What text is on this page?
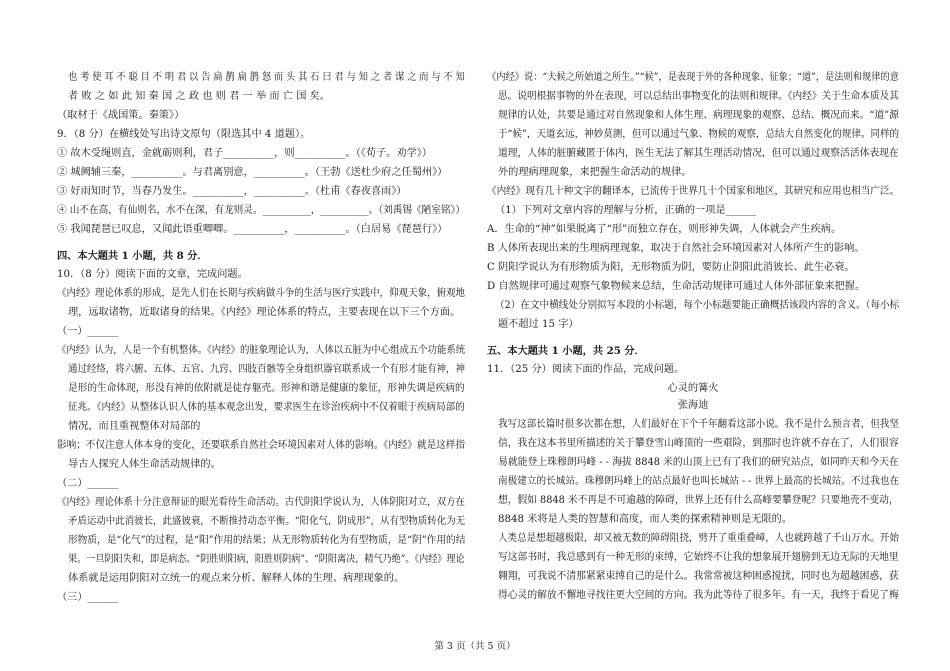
也 考 使 耳 不 聪 目 不 明 君 以 告 扁 鹊 扁 鹊 怒 而 头 其 石 曰 君 与 知 之 者 谋 之 而 与 不 知
者 败 之 如 此 知 秦 国 之 政 也 则 君 一 举 而 亡 国 矣。
（取材于《战国策。秦策》）
9．（8 分）在横线处写出诗文原句（限选其中 4 道题）。
① 故木受绳则直，金就砺则利，君子__________，则__________。（《荀子。劝学》）
② 城阙辅三秦，__________。与君离别意，__________。（王勃《送杜少府之任蜀州》）
③ 好雨知时节，当春乃发生。__________，__________。（杜甫《春夜喜雨》）
④ 山不在高，有仙则名，水不在深，有龙则灵。__________，__________。（刘禹锡《陋室铭》）
⑤ 我闻琵琶已叹息，又闻此语重唧唧。__________，__________。（白居易《琵琶行》）
四、本大题共 1 小题，共 8 分．
10．（8 分）阅读下面的文章，完成问题。
《内经》理论体系的形成，是先人们在长期与疾病做斗争的生活与医疗实践中，仰观天象，俯观地
理，远取诸物，近取诸身的结果。《内经》理论体系的特点，主要表现在以下三个方面。
（一）______
《内经》认为，人是一个有机整体。《内经》的脏象理论认为，人体以五脏为中心组成五个功能系统
通过经络，将六腑、五体、五官、九窍、四肢百骸等全身组织器官联系成一个有形才能有神，神
是形的生命体现，形没有神的依附就是徒存躯壳。形神和谐是健康的象征，形神失调是疾病的
征兆。《内经》从整体认识人体的基本观念出发，要求医生在诊治疾病中不仅着眼于疾病局部的
情况，而且重视整体对局部的
影响；不仅注意人体本身的变化，还要联系自然社会环境因素对人体的影响。《内经》就是这样指
导古人探究人体生命活动规律的。
（二）______
《内经》理论体系十分注意辩证的眼光看待生命活动。古代阴阳学说认为，人体阴阳对立，双方在
矛盾运动中此消彼长，此盛彼衰，不断推持动态平衡。“阳化气，阴成形”，从有型物质转化为无
形物质，是“化气”的过程，是“阳”作用的结果；从无形物质转化为有型物质，是“阴”作用的结
果。一旦阴阳失和，即是病态。“阴胜则阳病，阳胜则阴病”、“阴阳离决，精气乃绝”。《内经》理论
体系就是运用阴阳对立统一的观点来分析、解释人体的生理、病理现象的。
（三）______
《内经》说：“夫候之所始道之所生。”“候”，是表现于外的各种现象、征象；“道”，是法则和规律的意
思。说明根据事物的外在表现，可以总结出事物变化的法则和规律。《内经》关于生命本质及其
规律的认处，共要是通过对自然现象和人体生理、病理现象的观察、总结、概况而来。“道”源
于“候”，天道玄远，神妙莫测，但可以通过气象、物候的观察，总结大自然变化的规律。同样的
道理，人体的脏腑藏匿于体内，医生无法了解其生理活动情况，但可以通过观察活活体表现在
外的理病理现象，来把握生命活动的规律。
《内经》现有几十种文字的翻译本，已流传于世界几十个国家和地区，其研究和应用也相当广泛。
（1）下列对文章内容的理解与分析，正确的一项是______
A．生命的“神”如果脱离了“形”而独立存在，则形神失调，人体就会产生疾病。
B 人体所表现出来的生理病理现象，取决于自然社会环境因素对人体所产生的影响。
C 阴阳学说认为有形物质为阳，无形物质为阴，要防止阴阳此消彼长、此生必衰。
D 自然规律可通过观察气象物候来总结，生命活动规律可通过人体外部征象来把握。
（2）在文中横线处分别拟写本段的小标题，每个小标题要能正确概括该段内容的含义。（每小标
题不超过 15 字）
五、本大题共 1 小题，共 25 分．
11．（25 分）阅读下面的作品，完成问题。
心灵的篝火
张海迪
我写这部长篇时很多次都在想，人们最好在下个千年翻看这部小说。我不是什么预言者，但我坚
信，我在这本书里所描述的关于攀登雪山峰顶的一些艰险，到那时也许就不存在了，人们很容
易就能登上珠穆朗玛峰 - - 海拔 8848 米的山顶上已有了我们的研究站点，如同昨天和今天在
南极建立的长城站。珠穆朗玛峰上的站点最好也叫长城站 - - 世界上最高的长城站。不过我也在
想，假如 8848 米不再是不可逾越的障碍，世界上还有什么高峰要攀登呢？只要地壳不变动，
8848 米将是人类的智慧和高度，而人类的探索精神则是无限的。
人类总是想超越极限，却又被无数的障碍阻挠，劈开了重重叠嶂，人也就跨越了千山万水。开始
写这部书时，我总感到有一种无形的束缚，它始终不让我的想象展开翅膀到无边无际的天地里
翱翔，可我说不清那紧紧束缚自己的是什么。我常常被这种困惑搅扰，同时也为超越困惑，获
得心灵的解放不懈地寻找往更大空间的方向。我为此等待了很多年。有一天，我终于看见了梅
第 3 页（共 5 页）
